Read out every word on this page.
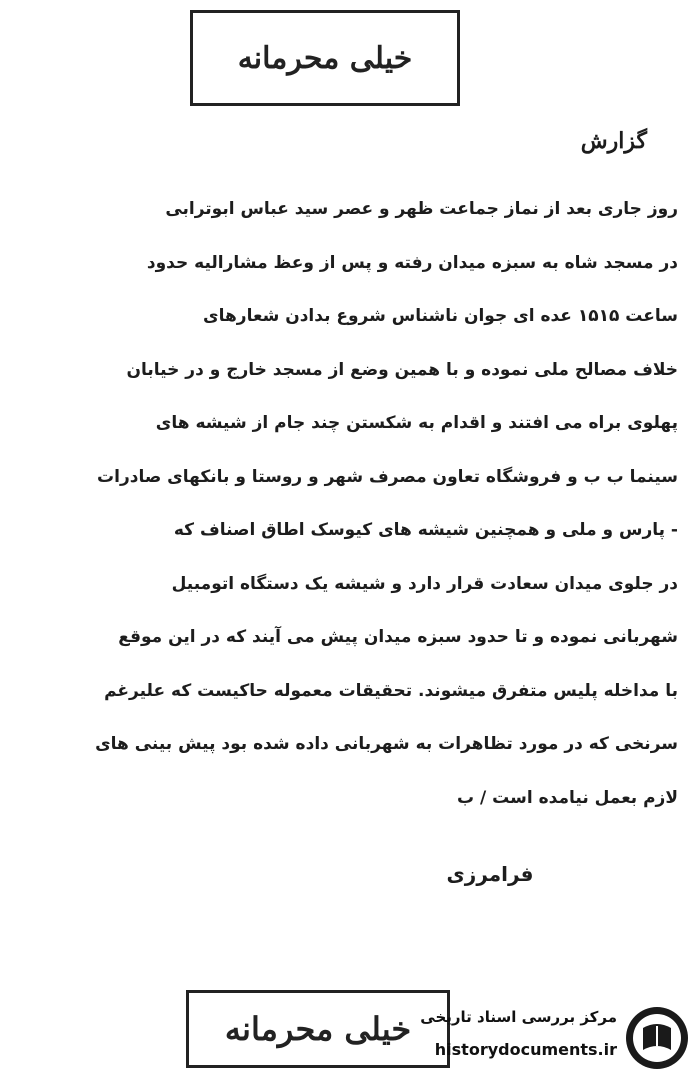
خیلی محرمانه
گزارش
روز جاری بعد از نماز جماعت ظهر و عصر سید عباس ابوترابی
در مسجد شاه به سبزه میدان رفته و پس از وعظ مشارالیه حدود
ساعت ۱۵۱۵ عده ای جوان ناشناس شروع بدادن شعارهای
خلاف مصالح ملی نموده و با همین وضع از مسجد خارج و در خیابان
پهلوی براه می افتند و اقدام به شکستن چند جام از شیشه های
سینما ب ب و فروشگاه تعاون مصرف شهر و روستا و بانکهای صادرات
- پارس و ملی و همچنین شیشه های کیوسک اطاق اصناف که
در جلوی میدان سعادت قرار دارد و شیشه یک دستگاه اتومبیل
شهربانی نموده و تا حدود سبزه میدان پیش می آیند که در این موقع
با مداخله پلیس متفرق میشوند. تحقیقات معموله حاکیست که علیرغم
سرنخی که در مورد تظاهرات به شهربانی داده شده بود پیش بینی های
لازم بعمل نیامده است / ب
فرامرزی
خیلی محرمانه مرکز بررسی اسناد تاریخی
historydocuments.ir
